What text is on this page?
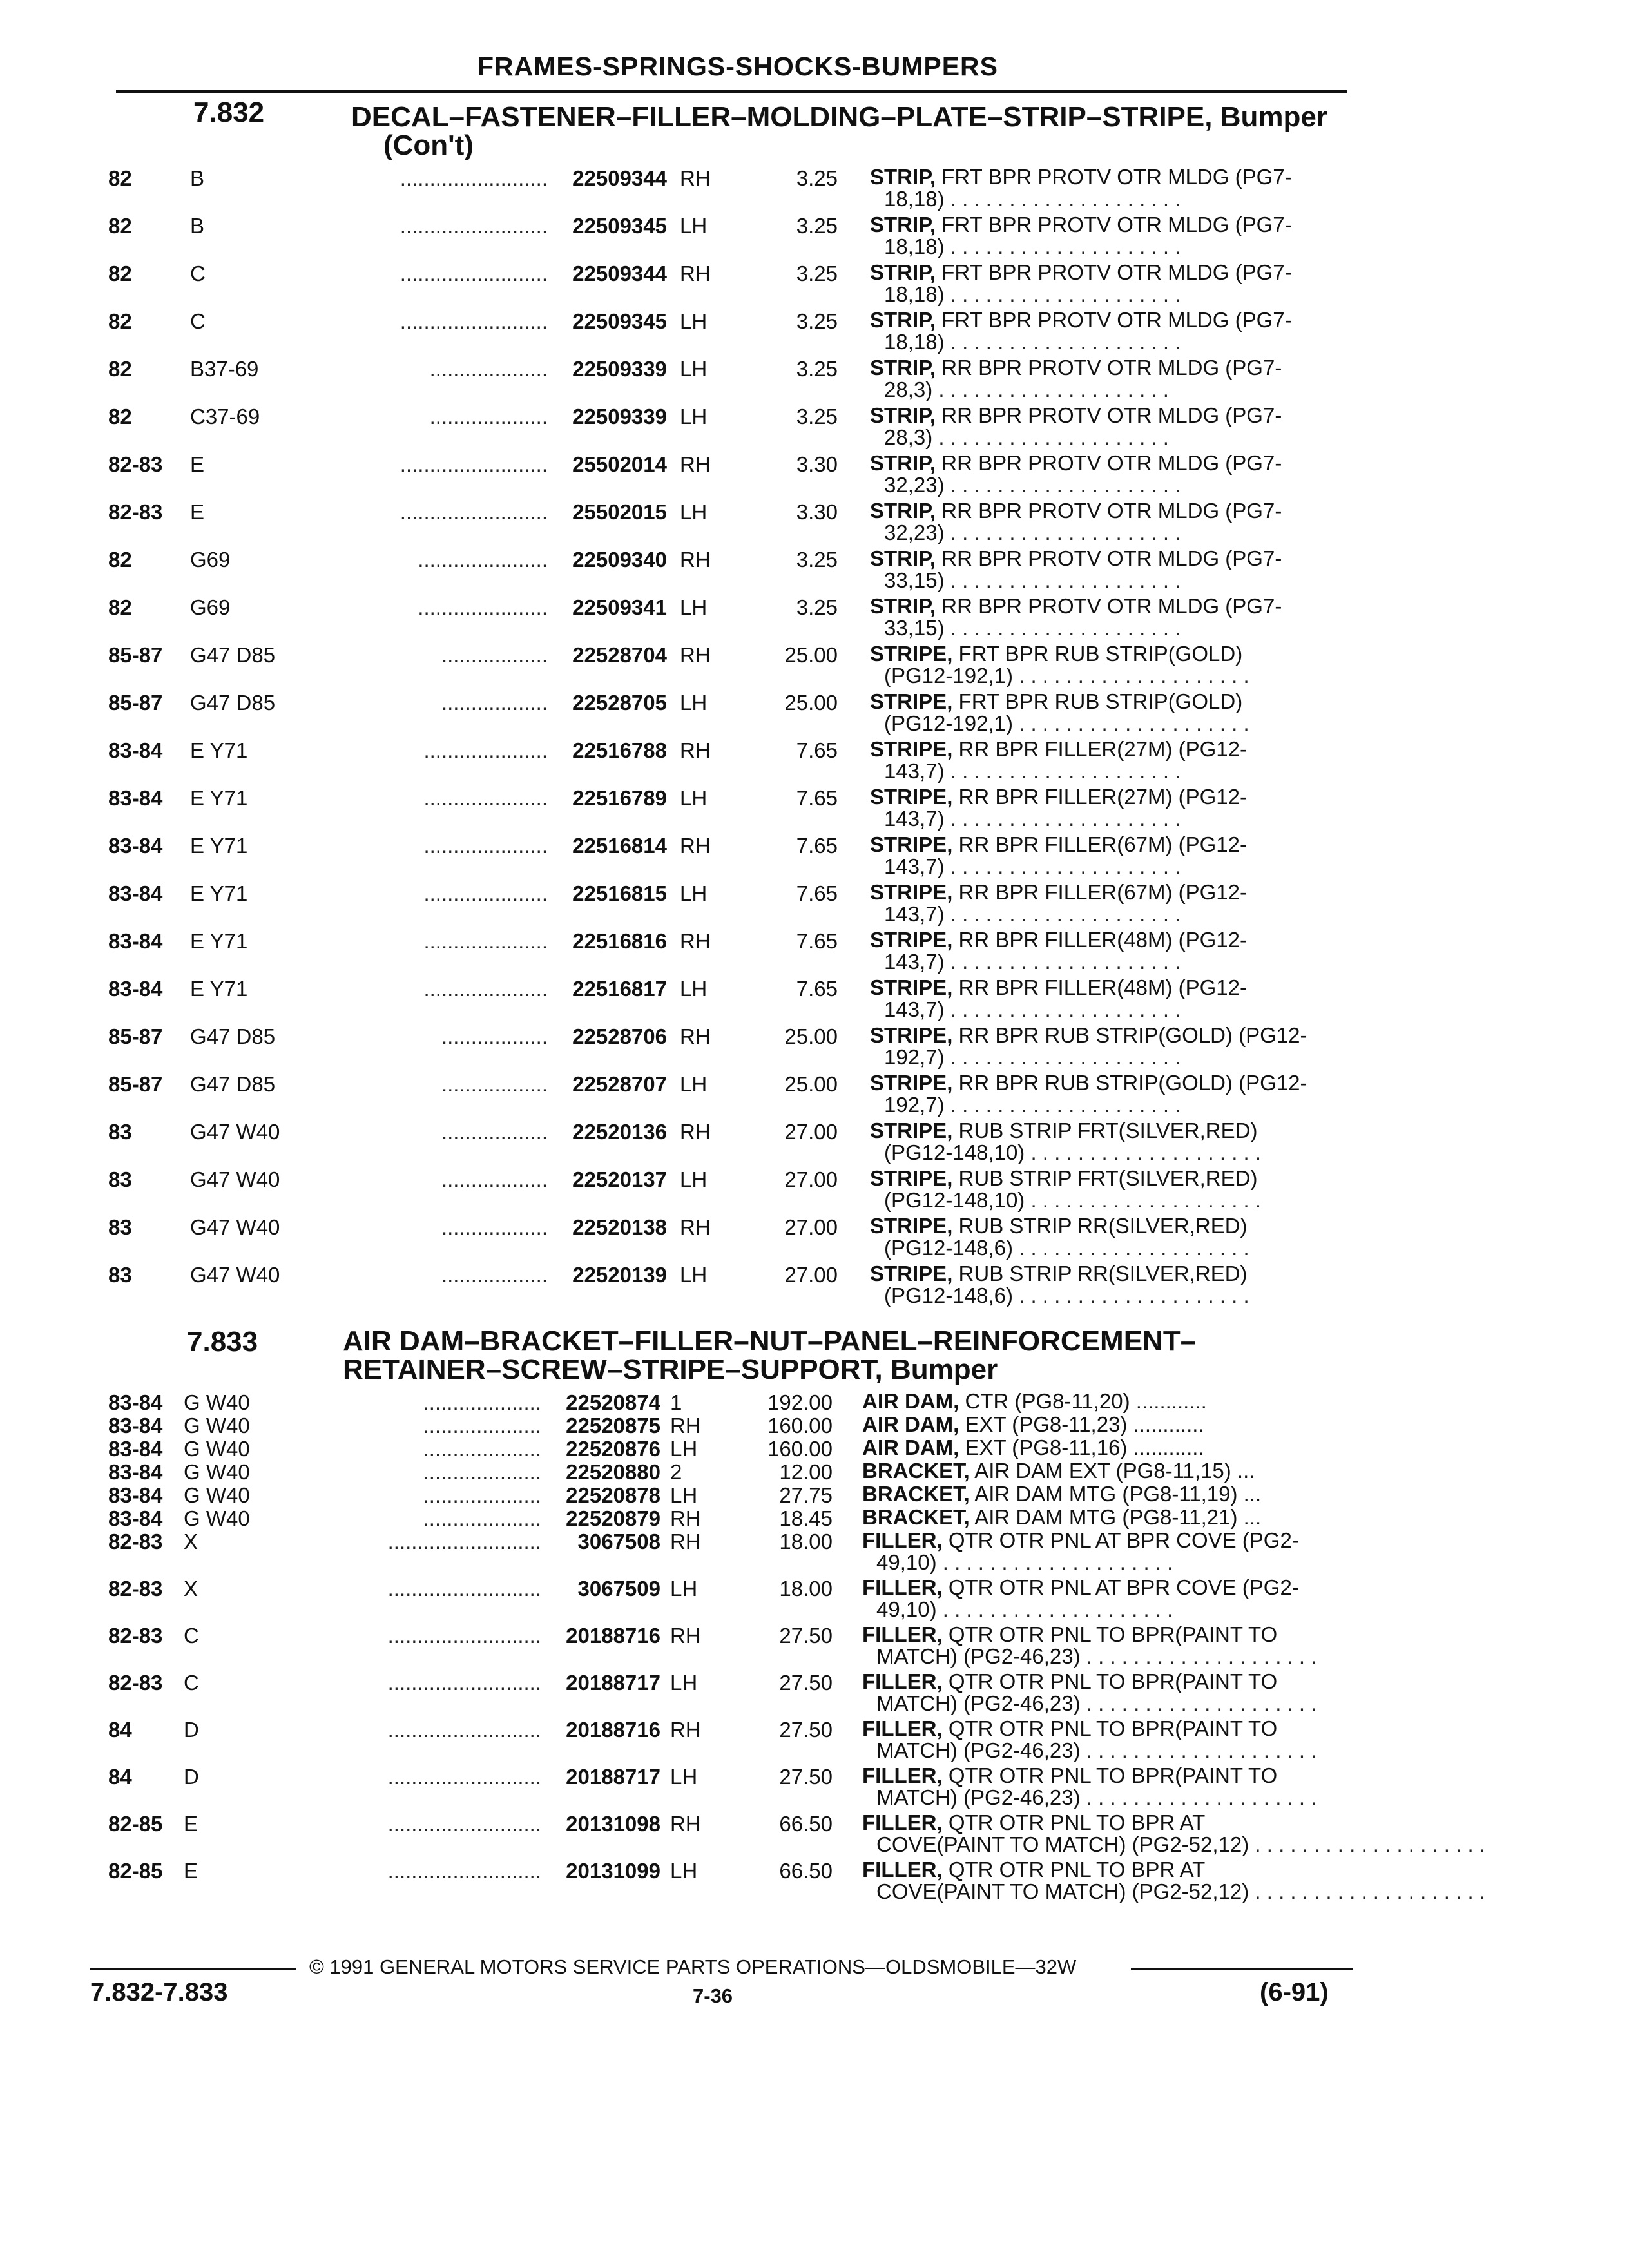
FRAMES-SPRINGS-SHOCKS-BUMPERS
7.832	DECAL–FASTENER–FILLER–MOLDING–PLATE–STRIP–STRIPE, Bumper
(Con't)
82	B	......................... 22509344 RH	3.25 STRIP, FRT BPR PROTV OTR MLDG (PG7-
18,18) . . . . . . . . . . . . . . . . . . . .
82	B	......................... 22509345 LH	3.25 STRIP, FRT BPR PROTV OTR MLDG (PG7-
18,18) . . . . . . . . . . . . . . . . . . . .
82	C	......................... 22509344 RH	3.25 STRIP, FRT BPR PROTV OTR MLDG (PG7-
18,18) . . . . . . . . . . . . . . . . . . . .
82	C	......................... 22509345 LH	3.25 STRIP, FRT BPR PROTV OTR MLDG (PG7-
18,18) . . . . . . . . . . . . . . . . . . . .
82	B37-69	.................... 22509339 LH	3.25 STRIP, RR BPR PROTV OTR MLDG (PG7-
28,3) . . . . . . . . . . . . . . . . . . . .
82	C37-69	.................... 22509339 LH	3.25 STRIP, RR BPR PROTV OTR MLDG (PG7-
28,3) . . . . . . . . . . . . . . . . . . . .
82-83 E	......................... 25502014 RH	3.30 STRIP, RR BPR PROTV OTR MLDG (PG7-
32,23) . . . . . . . . . . . . . . . . . . . .
82-83 E	......................... 25502015 LH	3.30 STRIP, RR BPR PROTV OTR MLDG (PG7-
32,23) . . . . . . . . . . . . . . . . . . . .
82	G69	...................... 22509340 RH	3.25 STRIP, RR BPR PROTV OTR MLDG (PG7-
33,15) . . . . . . . . . . . . . . . . . . . .
82	G69	...................... 22509341 LH	3.25 STRIP, RR BPR PROTV OTR MLDG (PG7-
33,15) . . . . . . . . . . . . . . . . . . . .
85-87 G47 D85	.................. 22528704 RH	25.00 STRIPE, FRT BPR RUB STRIP(GOLD)
(PG12-192,1) . . . . . . . . . . . . . . . . . . . .
85-87 G47 D85	.................. 22528705 LH	25.00 STRIPE, FRT BPR RUB STRIP(GOLD)
(PG12-192,1) . . . . . . . . . . . . . . . . . . . .
83-84 E Y71	..................... 22516788 RH	7.65 STRIPE, RR BPR FILLER(27M) (PG12-
143,7) . . . . . . . . . . . . . . . . . . . .
83-84 E Y71	..................... 22516789 LH	7.65 STRIPE, RR BPR FILLER(27M) (PG12-
143,7) . . . . . . . . . . . . . . . . . . . .
83-84 E Y71	..................... 22516814 RH	7.65 STRIPE, RR BPR FILLER(67M) (PG12-
143,7) . . . . . . . . . . . . . . . . . . . .
83-84 E Y71	..................... 22516815 LH	7.65 STRIPE, RR BPR FILLER(67M) (PG12-
143,7) . . . . . . . . . . . . . . . . . . . .
83-84 E Y71	..................... 22516816 RH	7.65 STRIPE, RR BPR FILLER(48M) (PG12-
143,7) . . . . . . . . . . . . . . . . . . . .
83-84 E Y71	..................... 22516817 LH	7.65 STRIPE, RR BPR FILLER(48M) (PG12-
143,7) . . . . . . . . . . . . . . . . . . . .
85-87 G47 D85	.................. 22528706 RH	25.00 STRIPE, RR BPR RUB STRIP(GOLD) (PG12-
192,7) . . . . . . . . . . . . . . . . . . . .
85-87 G47 D85	.................. 22528707 LH	25.00 STRIPE, RR BPR RUB STRIP(GOLD) (PG12-
192,7) . . . . . . . . . . . . . . . . . . . .
83	G47 W40	.................. 22520136 RH	27.00 STRIPE, RUB STRIP FRT(SILVER,RED)
(PG12-148,10) . . . . . . . . . . . . . . . . . . . .
83	G47 W40	.................. 22520137 LH	27.00 STRIPE, RUB STRIP FRT(SILVER,RED)
(PG12-148,10) . . . . . . . . . . . . . . . . . . . .
83	G47 W40	.................. 22520138 RH	27.00 STRIPE, RUB STRIP RR(SILVER,RED)
(PG12-148,6) . . . . . . . . . . . . . . . . . . . .
83	G47 W40	.................. 22520139 LH	27.00 STRIPE, RUB STRIP RR(SILVER,RED)
(PG12-148,6) . . . . . . . . . . . . . . . . . . . .
7.833	AIR DAM–BRACKET–FILLER–NUT–PANEL–REINFORCEMENT–
RETAINER–SCREW–STRIPE–SUPPORT, Bumper
83-84 G W40	.................... 22520874 1	192.00 AIR DAM, CTR (PG8-11,20) ............
83-84 G W40	.................... 22520875 RH	160.00 AIR DAM, EXT (PG8-11,23) ............
83-84 G W40	.................... 22520876 LH	160.00 AIR DAM, EXT (PG8-11,16) ............
83-84 G W40	.................... 22520880 2	12.00 BRACKET, AIR DAM EXT (PG8-11,15) ...
83-84 G W40	.................... 22520878 LH	27.75 BRACKET, AIR DAM MTG (PG8-11,19) ...
83-84 G W40	.................... 22520879 RH	18.45 BRACKET, AIR DAM MTG (PG8-11,21) ...
82-83 X	.......................... 3067508 RH	18.00 FILLER, QTR OTR PNL AT BPR COVE (PG2-
49,10) . . . . . . . . . . . . . . . . . . . .
82-83 X	.......................... 3067509 LH	18.00 FILLER, QTR OTR PNL AT BPR COVE (PG2-
49,10) . . . . . . . . . . . . . . . . . . . .
82-83 C	.......................... 20188716 RH	27.50 FILLER, QTR OTR PNL TO BPR(PAINT TO
MATCH) (PG2-46,23) . . . . . . . . . . . . . . . . . . . .
82-83 C	.......................... 20188717 LH	27.50 FILLER, QTR OTR PNL TO BPR(PAINT TO
MATCH) (PG2-46,23) . . . . . . . . . . . . . . . . . . . .
84 D	.......................... 20188716 RH	27.50 FILLER, QTR OTR PNL TO BPR(PAINT TO
MATCH) (PG2-46,23) . . . . . . . . . . . . . . . . . . . .
84 D	.......................... 20188717 LH	27.50 FILLER, QTR OTR PNL TO BPR(PAINT TO
MATCH) (PG2-46,23) . . . . . . . . . . . . . . . . . . . .
82-85 E	.......................... 20131098 RH	66.50 FILLER, QTR OTR PNL TO BPR AT
COVE(PAINT TO MATCH) (PG2-52,12) . . . . . . . . . . . . . . . . . . . .
82-85 E	.......................... 20131099 LH	66.50 FILLER, QTR OTR PNL TO BPR AT
COVE(PAINT TO MATCH) (PG2-52,12) . . . . . . . . . . . . . . . . . . . .
© 1991 GENERAL MOTORS SERVICE PARTS OPERATIONS—OLDSMOBILE—32W
7.832-7.833	7-36	(6-91)
